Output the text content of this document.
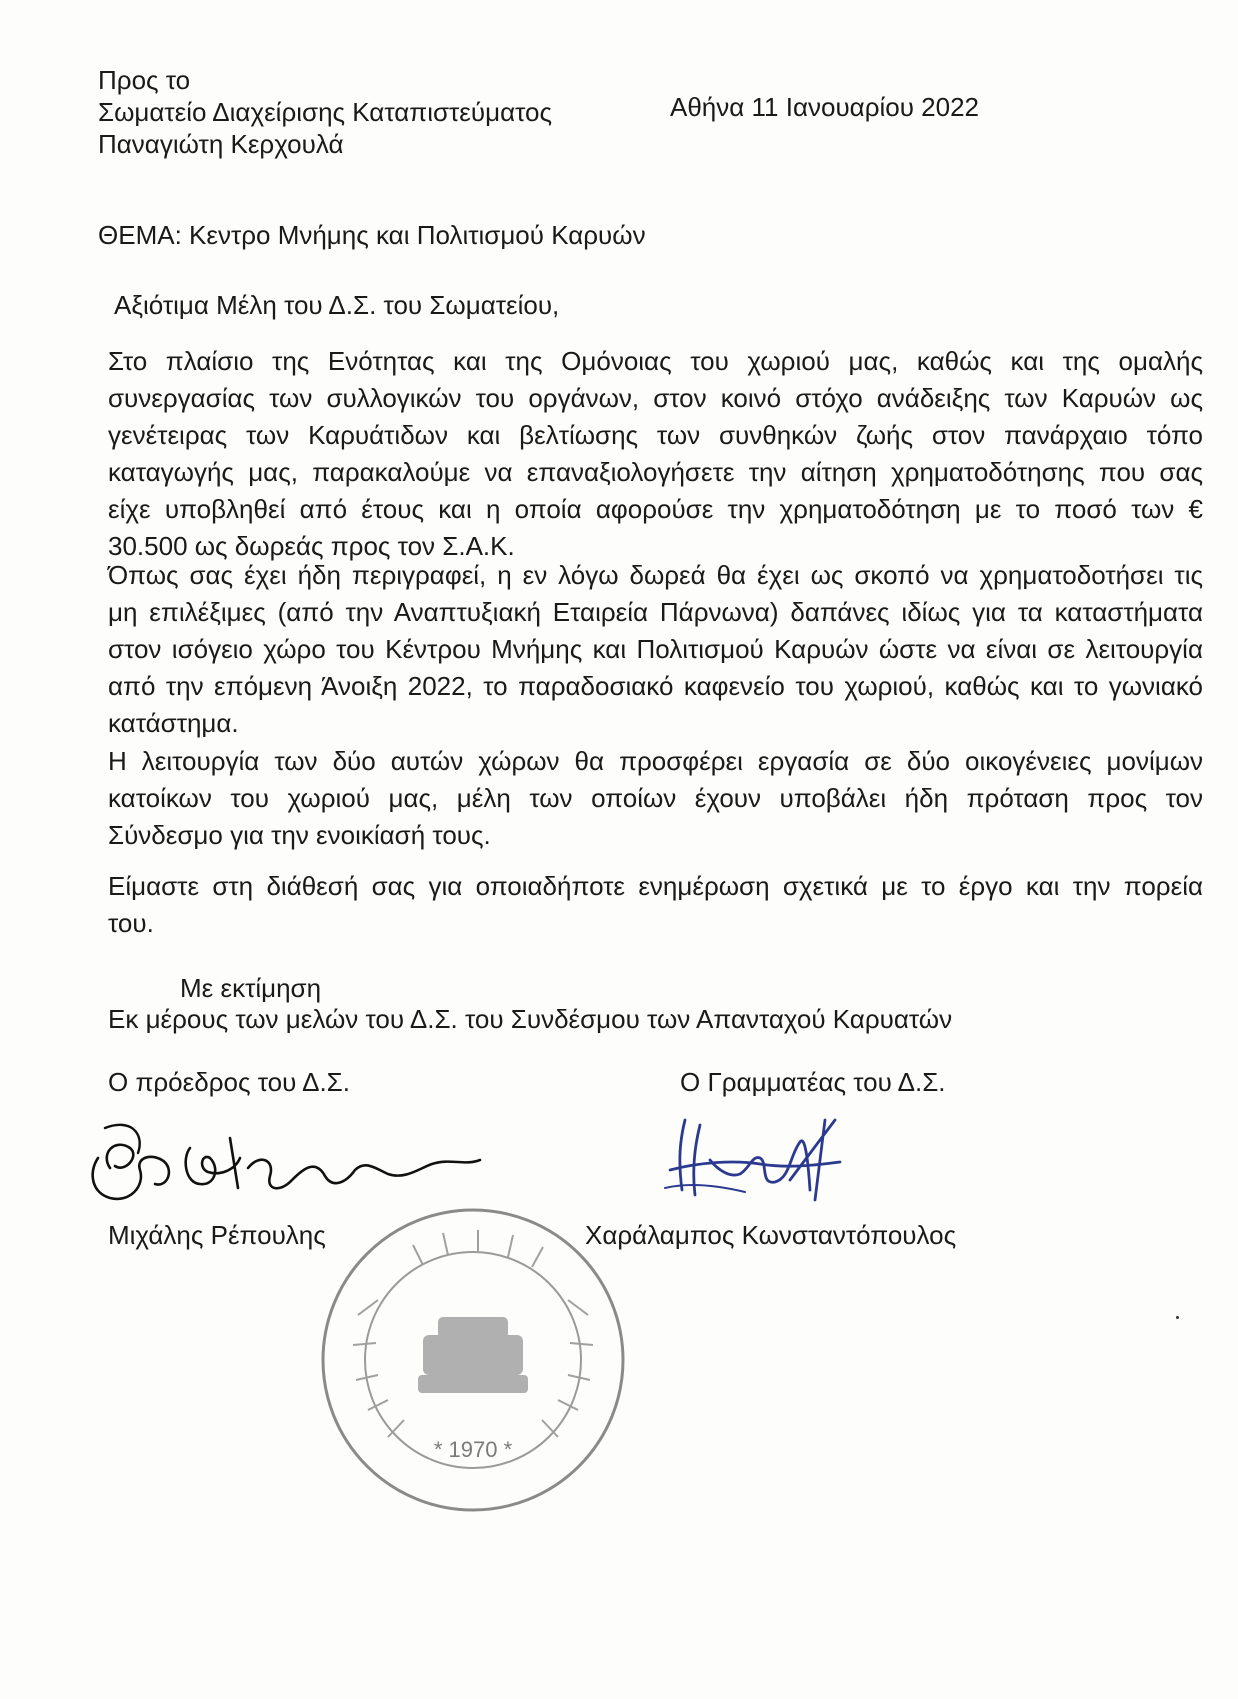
Προς το
Σωματείο Διαχείρισης Καταπιστεύματος
Παναγιώτη Κερχουλά
Αθήνα 11 Ιανουαρίου 2022
ΘΕΜΑ: Κεντρο Μνήμης και Πολιτισμού Καρυών
Αξιότιμα Μέλη του Δ.Σ. του Σωματείου,
Στο πλαίσιο της Ενότητας και της Ομόνοιας του χωριού μας, καθώς και της ομαλής
συνεργασίας των συλλογικών του οργάνων, στον κοινό στόχο ανάδειξης των Καρυών ως
γενέτειρας των Καρυάτιδων και βελτίωσης των συνθηκών ζωής στον πανάρχαιο τόπο
καταγωγής μας, παρακαλούμε να επαναξιολογήσετε την αίτηση χρηματοδότησης που σας
είχε υποβληθεί από έτους και η οποία αφορούσε την χρηματοδότηση με το ποσό των €
30.500 ως δωρεάς προς τον Σ.Α.Κ.
Όπως σας έχει ήδη περιγραφεί, η εν λόγω δωρεά θα έχει ως σκοπό να χρηματοδοτήσει τις
μη επιλέξιμες (από την Αναπτυξιακή Εταιρεία Πάρνωνα) δαπάνες ιδίως για τα καταστήματα
στον ισόγειο χώρο του Κέντρου Μνήμης και Πολιτισμού Καρυών ώστε να είναι σε λειτουργία
από την επόμενη Άνοιξη 2022, το παραδοσιακό καφενείο του χωριού, καθώς και το γωνιακό
κατάστημα.
Η λειτουργία των δύο αυτών χώρων θα προσφέρει εργασία σε δύο οικογένειες μονίμων
κατοίκων του χωριού μας, μέλη των οποίων έχουν υποβάλει ήδη πρόταση προς τον
Σύνδεσμο για την ενοικίασή τους.
Είμαστε στη διάθεσή σας για οποιαδήποτε ενημέρωση σχετικά με το έργο και την πορεία
του.
Με εκτίμηση
Εκ μέρους των μελών του Δ.Σ. του Συνδέσμου των Απανταχού Καρυατών
Ο πρόεδρος του Δ.Σ.	Ο Γραμματέας του Δ.Σ.
Μιχάλης Ρέπουλης	Χαράλαμπος Κωνσταντόπουλος
* 1970 *
